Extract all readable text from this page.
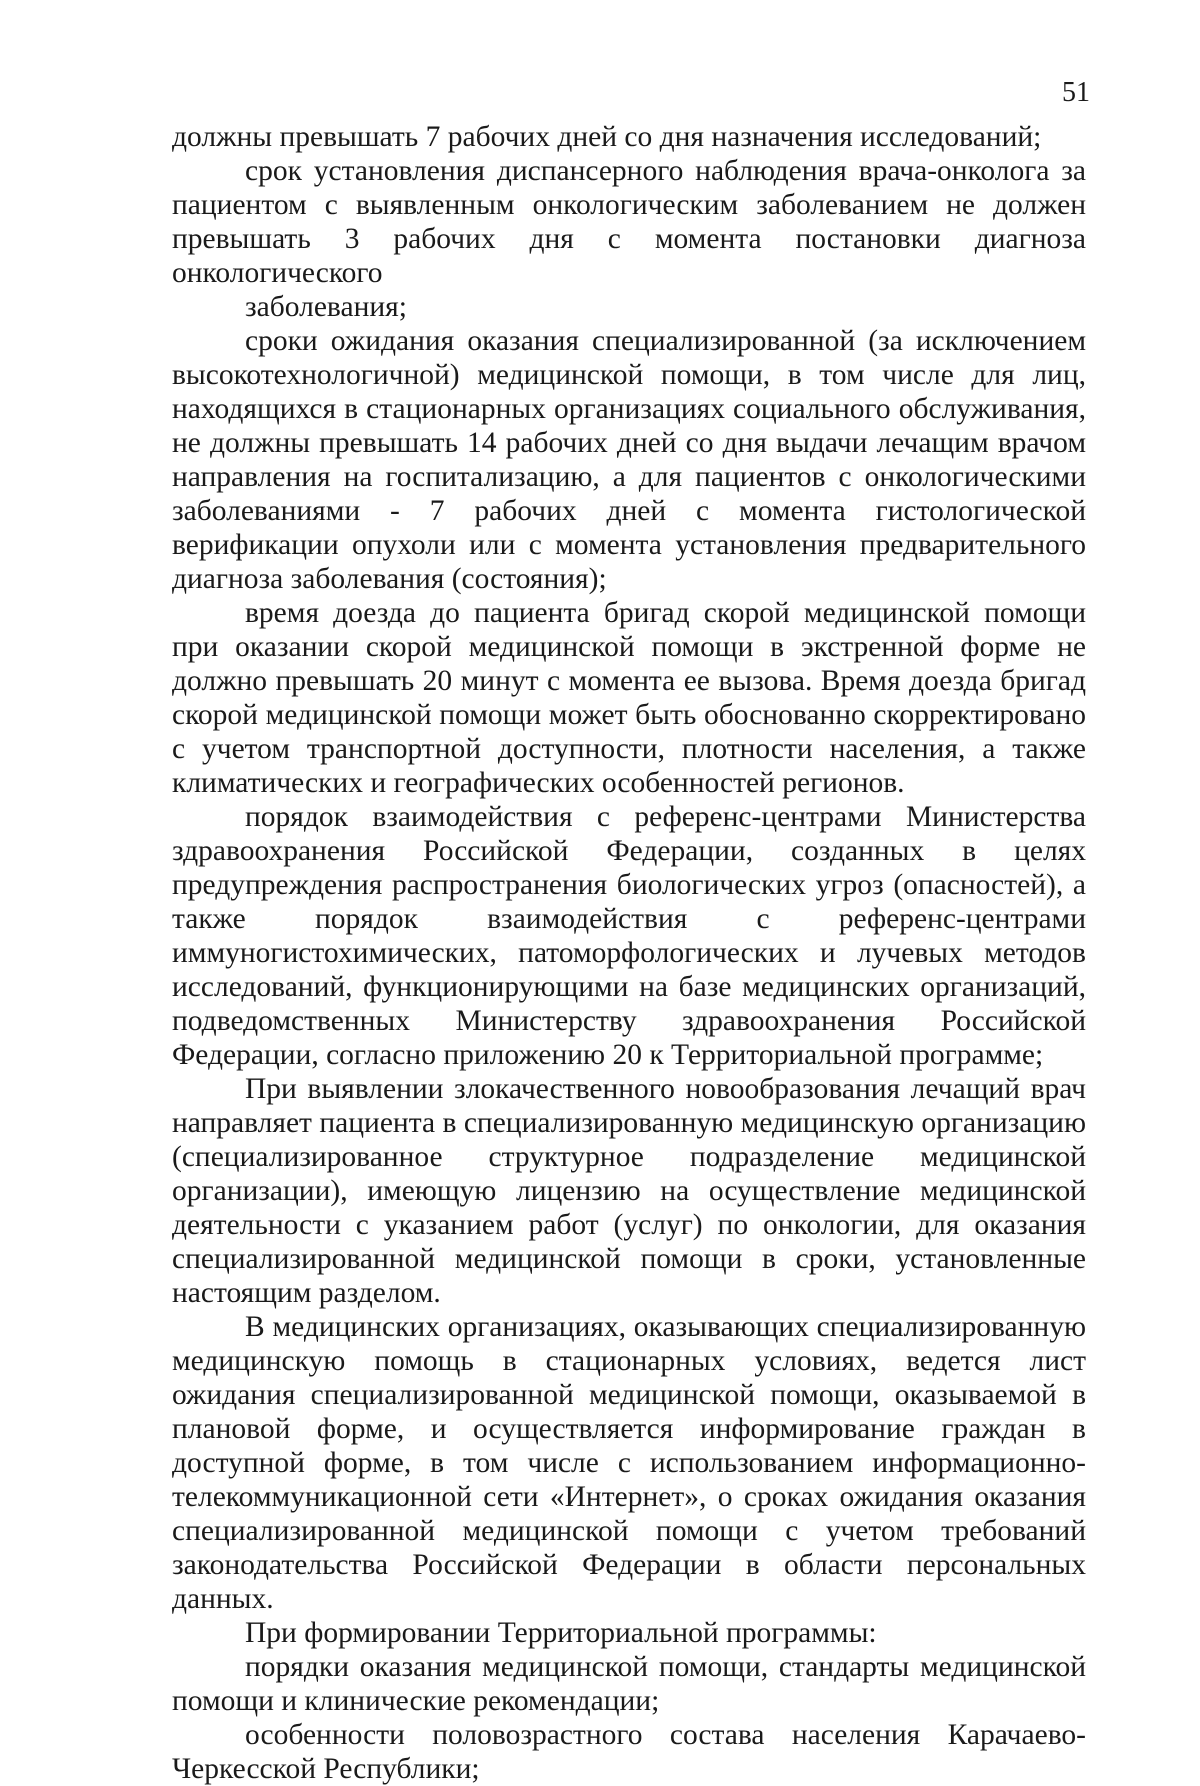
51

должны превышать 7 рабочих дней со дня назначения исследований;

срок установления диспансерного наблюдения врача-онколога за пациентом с выявленным онкологическим заболеванием не должен превышать 3 рабочих дня с момента постановки диагноза онкологического

заболевания;

сроки ожидания оказания специализированной (за исключением высокотехнологичной) медицинской помощи, в том числе для лиц, находящихся в стационарных организациях социального обслуживания, не должны превышать 14 рабочих дней со дня выдачи лечащим врачом направления на госпитализацию, а для пациентов с онкологическими заболеваниями - 7 рабочих дней с момента гистологической верификации опухоли или с момента установления предварительного диагноза заболевания (состояния);

время доезда до пациента бригад скорой медицинской помощи при оказании скорой медицинской помощи в экстренной форме не должно превышать 20 минут с момента ее вызова. Время доезда бригад скорой медицинской помощи может быть обоснованно скорректировано с учетом транспортной доступности, плотности населения, а также климатических и географических особенностей регионов.

порядок взаимодействия с референс-центрами Министерства здравоохранения Российской Федерации, созданных в целях предупреждения распространения биологических угроз (опасностей), а также порядок взаимодействия с референс-центрами иммуногистохимических, патоморфологических и лучевых методов исследований, функционирующими на базе медицинских организаций, подведомственных Министерству здравоохранения Российской Федерации, согласно приложению 20 к Территориальной программе;

При выявлении злокачественного новообразования лечащий врач направляет пациента в специализированную медицинскую организацию (специализированное структурное подразделение медицинской организации), имеющую лицензию на осуществление медицинской деятельности с указанием работ (услуг) по онкологии, для оказания специализированной медицинской помощи в сроки, установленные настоящим разделом.

В медицинских организациях, оказывающих специализированную медицинскую помощь в стационарных условиях, ведется лист ожидания специализированной медицинской помощи, оказываемой в плановой форме, и осуществляется информирование граждан в доступной форме, в том числе с использованием информационно-телекоммуникационной сети «Интернет», о сроках ожидания оказания специализированной медицинской помощи с учетом требований законодательства Российской Федерации в области персональных данных.

При формировании Территориальной программы:

порядки оказания медицинской помощи, стандарты медицинской помощи и клинические рекомендации;

особенности половозрастного состава населения Карачаево-Черкесской Республики;
